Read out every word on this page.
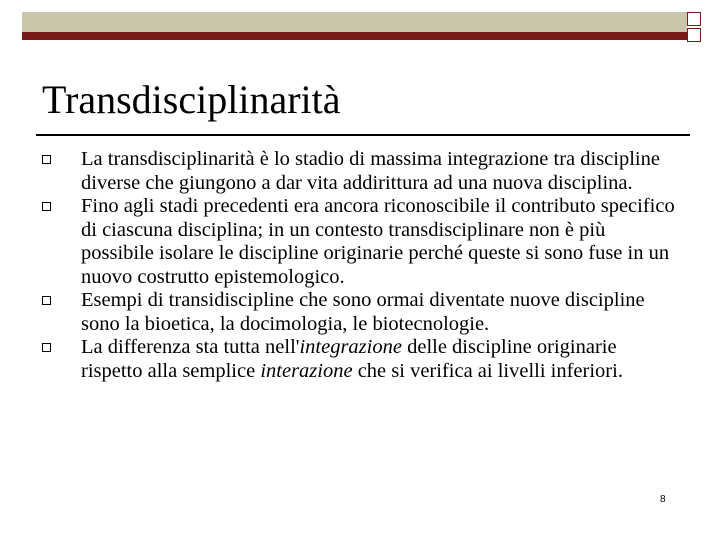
Transdisciplinarità
La transdisciplinarità è lo stadio di massima integrazione tra discipline diverse che giungono a dar vita addirittura ad una nuova disciplina.
Fino agli stadi precedenti era ancora riconoscibile il contributo specifico di ciascuna disciplina; in un contesto transdisciplinare non è più possibile isolare le discipline originarie perché queste si sono fuse in un nuovo costrutto epistemologico.
Esempi di transidiscipline che sono ormai diventate nuove discipline sono la bioetica, la docimologia, le biotecnologie.
La differenza sta tutta nell'integrazione delle discipline originarie rispetto alla semplice interazione che si verifica ai livelli inferiori.
8
